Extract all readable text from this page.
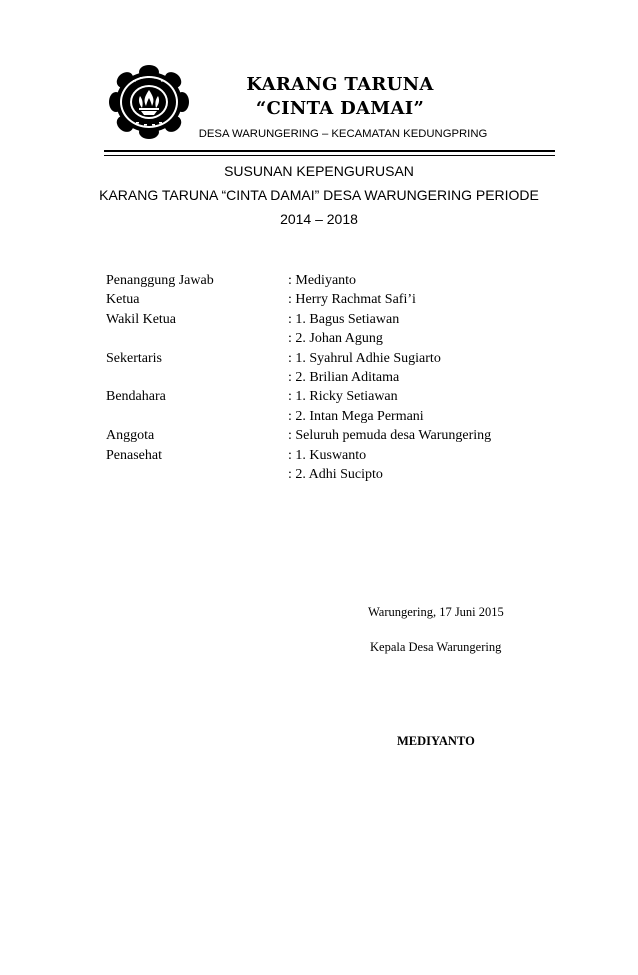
KARANG TARUNA
“CINTA DAMAI”
DESA WARUNGERING – KECAMATAN KEDUNGPRING
SUSUNAN KEPENGURUSAN
KARANG TARUNA “CINTA DAMAI” DESA WARUNGERING PERIODE
2014 – 2018
Penanggung Jawab	: Mediyanto
Ketua	: Herry Rachmat Safi’i
Wakil Ketua	: 1. Bagus Setiawan
: 2. Johan Agung
Sekertaris	: 1. Syahrul Adhie Sugiarto
: 2. Brilian Aditama
Bendahara	: 1. Ricky Setiawan
: 2. Intan Mega Permani
Anggota	: Seluruh pemuda desa Warungering
Penasehat	: 1. Kuswanto
: 2. Adhi Sucipto
Warungering, 17 Juni 2015
Kepala Desa Warungering
MEDIYANTO
